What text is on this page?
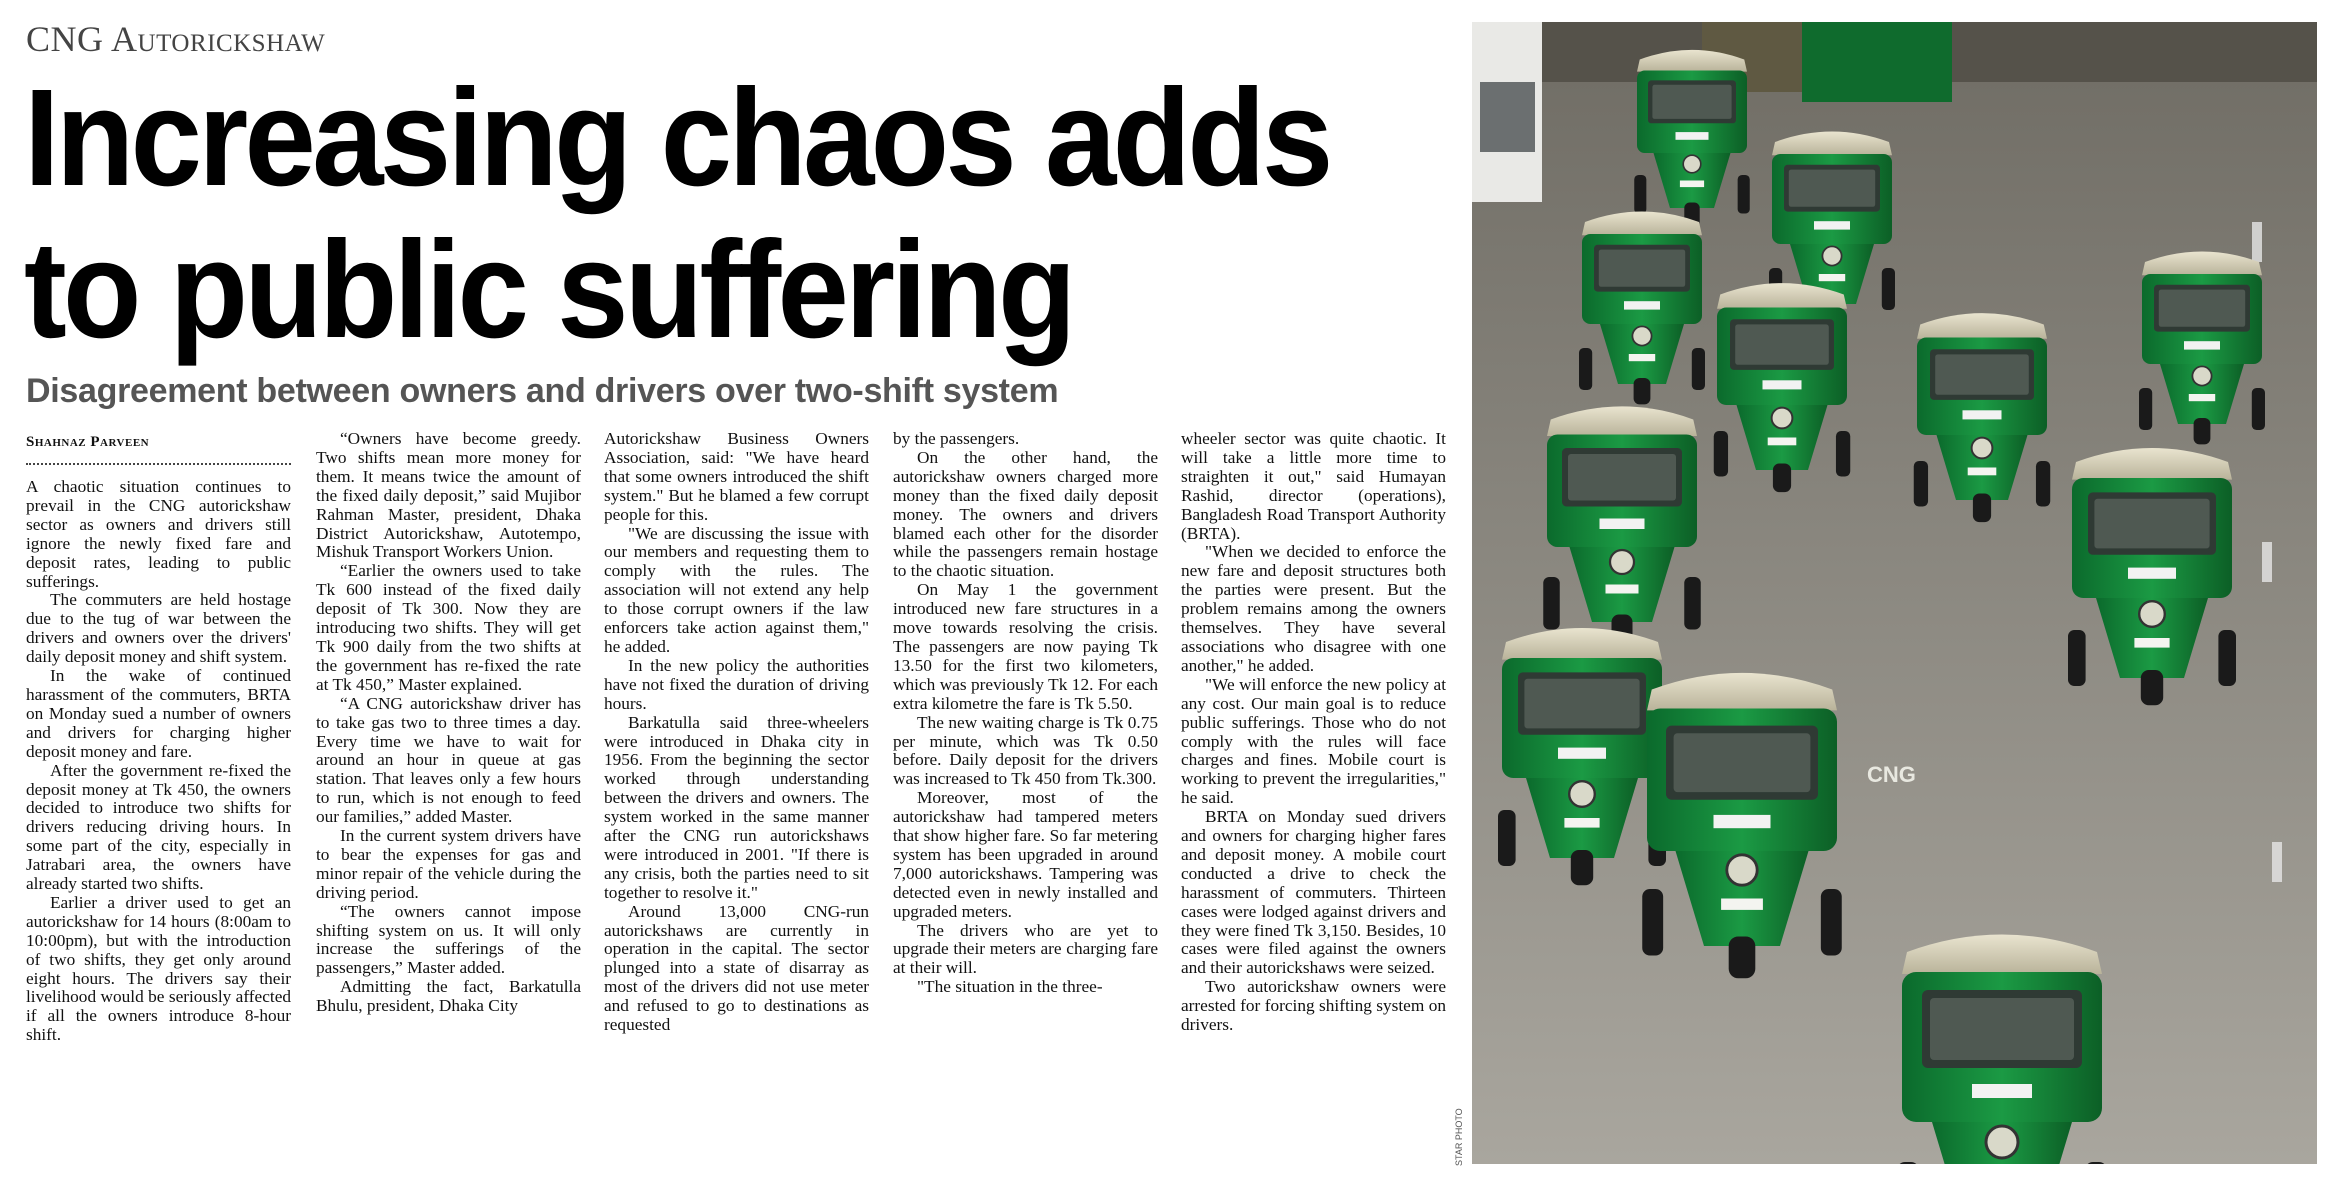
CNG Autorickshaw
Increasing chaos adds
to public suffering
Disagreement between owners and drivers over two-shift system
Shahnaz Parveen

A chaotic situation continues to prevail in the CNG autorickshaw sector as owners and drivers still ignore the newly fixed fare and deposit rates, leading to public sufferings.

The commuters are held hostage due to the tug of war between the drivers and owners over the drivers' daily deposit money and shift system.

In the wake of continued harassment of the commuters, BRTA on Monday sued a number of owners and drivers for charging higher deposit money and fare.

After the government re-fixed the deposit money at Tk 450, the owners decided to introduce two shifts for drivers reducing driving hours. In some part of the city, especially in Jatrabari area, the owners have already started two shifts.

Earlier a driver used to get an autorickshaw for 14 hours (8:00am to 10:00pm), but with the introduction of two shifts, they get only around eight hours. The drivers say their livelihood would be seriously affected if all the owners introduce 8-hour shift.

“Owners have become greedy. Two shifts mean more money for them. It means twice the amount of the fixed daily deposit,” said Mujibor Rahman Master, president, Dhaka District Autorickshaw, Autotempo, Mishuk Transport Workers Union.

“Earlier the owners used to take Tk 600 instead of the fixed daily deposit of Tk 300. Now they are introducing two shifts. They will get Tk 900 daily from the two shifts at the government has re-fixed the rate at Tk 450,” Master explained.

“A CNG autorickshaw driver has to take gas two to three times a day. Every time we have to wait for around an hour in queue at gas station. That leaves only a few hours to run, which is not enough to feed our families,” added Master.

In the current system drivers have to bear the expenses for gas and minor repair of the vehicle during the driving period.

“The owners cannot impose shifting system on us. It will only increase the sufferings of the passengers,” Master added.

Admitting the fact, Barkatulla Bhulu, president, Dhaka City

Autorickshaw Business Owners Association, said: "We have heard that some owners introduced the shift system." But he blamed a few corrupt people for this.

"We are discussing the issue with our members and requesting them to comply with the rules. The association will not extend any help to those corrupt owners if the law enforcers take action against them," he added.

In the new policy the authorities have not fixed the duration of driving hours.

Barkatulla said three-wheelers were introduced in Dhaka city in 1956. From the beginning the sector worked through understanding between the drivers and owners. The system worked in the same manner after the CNG run autorickshaws were introduced in 2001. "If there is any crisis, both the parties need to sit together to resolve it."

Around 13,000 CNG-run autorickshaws are currently in operation in the capital. The sector plunged into a state of disarray as most of the drivers did not use meter and refused to go to destinations as requested

by the passengers.

On the other hand, the autorickshaw owners charged more money than the fixed daily deposit money. The owners and drivers blamed each other for the disorder while the passengers remain hostage to the chaotic situation.

On May 1 the government introduced new fare structures in a move towards resolving the crisis. The passengers are now paying Tk 13.50 for the first two kilometers, which was previously Tk 12. For each extra kilometre the fare is Tk 5.50.

The new waiting charge is Tk 0.75 per minute, which was Tk 0.50 before. Daily deposit for the drivers was increased to Tk 450 from Tk.300.

Moreover, most of the autorickshaw had tampered meters that show higher fare. So far metering system has been upgraded in around 7,000 autorickshaws. Tampering was detected even in newly installed and upgraded meters.

The drivers who are yet to upgrade their meters are charging fare at their will.

"The situation in the three-

wheeler sector was quite chaotic. It will take a little more time to straighten it out," said Humayan Rashid, director (operations), Bangladesh Road Transport Authority (BRTA).

"When we decided to enforce the new fare and deposit structures both the parties were present. But the problem remains among the owners themselves. They have several associations who disagree with one another," he added.

"We will enforce the new policy at any cost. Our main goal is to reduce public sufferings. Those who do not comply with the rules will face charges and fines. Mobile court is working to prevent the irregularities," he said.

BRTA on Monday sued drivers and owners for charging higher fares and deposit money. A mobile court conducted a drive to check the harassment of commuters. Thirteen cases were lodged against drivers and they were fined Tk 3,150. Besides, 10 cases were filed against the owners and their autorickshaws were seized.

Two autorickshaw owners were arrested for forcing shifting system on drivers.

STAR PHOTO
CNG
